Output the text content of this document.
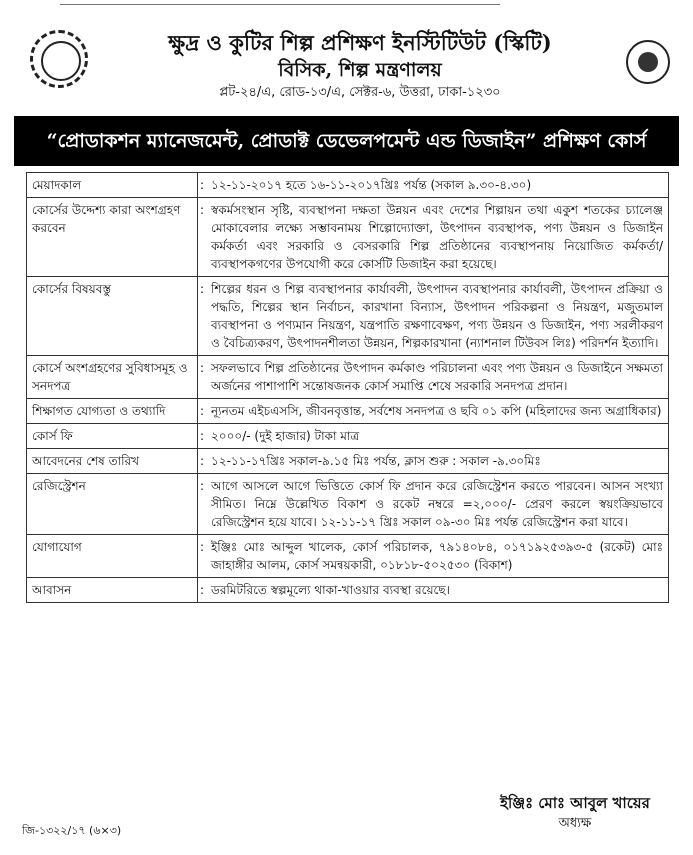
ক্ষুদ্র ও কুটির শিল্প প্রশিক্ষণ ইনস্টিটিউট (স্কিটি)
বিসিক, শিল্প মন্ত্রণালয়
প্লট-২৪/এ, রোড-১৩/এ, সেক্টর-৬, উত্তরা, ঢাকা-১২৩০
“প্রোডাকশন ম্যানেজমেন্ট, প্রোডাক্ট ডেভেলপমেন্ট এন্ড ডিজাইন” প্রশিক্ষণ কোর্স
মেয়াদকাল	:	১২-১১-২০১৭ হতে ১৬-১১-২০১৭খ্রিঃ পর্যন্ত (সকাল ৯.৩০-৪.৩০)
কোর্সের উদ্দেশ্য কারা অংশগ্রহণ করবেন	:	স্বকর্মসংস্থান সৃষ্টি, ব্যবস্থাপনা দক্ষতা উন্নয়ন এবং দেশের শিল্পায়ন তথা একুশ শতকের চ্যালেঞ্জ মোকাবেলার লক্ষ্যে সম্ভাবনাময় শিল্পোদ্যোক্তা, উৎপাদন ব্যবস্থাপক, পণ্য উন্নয়ন ও ডিজাইন কর্মকর্তা এবং সরকারি ও বেসরকারি শিল্প প্রতিষ্ঠানের ব্যবস্থাপনায় নিয়োজিত কর্মকর্তা/ব্যবস্থাপকগণের উপযোগী করে কোর্সটি ডিজাইন করা হয়েছে।
কোর্সের বিষয়বস্তু	:	শিল্পের ধরন ও শিল্প ব্যবস্থাপনার কার্যাবলী, উৎপাদন ব্যবস্থাপনার কার্যাবলী, উৎপাদন প্রক্রিয়া ও পদ্ধতি, শিল্পের স্থান নির্বাচন, কারখানা বিন্যাস, উৎপাদন পরিকল্পনা ও নিয়ন্ত্রণ, মজুতমাল ব্যবস্থাপনা ও পণ্যমান নিয়ন্ত্রণ, যন্ত্রপাতি রক্ষণাবেক্ষণ, পণ্য উন্নয়ন ও ডিজাইন, পণ্য সরলীকরণ ও বৈচিত্র্যকরণ, উৎপাদনশীলতা উন্নয়ন, শিল্পকারখানা (ন্যাশনাল টিউবস লিঃ) পরিদর্শন ইত্যাদি।
কোর্সে অংশগ্রহণের সুবিধাসমূহ ও সনদপত্র	:	সফলভাবে শিল্প প্রতিষ্ঠানের উৎপাদন কর্মকাণ্ড পরিচালনা এবং পণ্য উন্নয়ন ও ডিজাইনে সক্ষমতা অর্জনের পাশাপাশি সন্তোষজনক কোর্স সমাপ্তি শেষে সরকারি সনদপত্র প্রদান।
শিক্ষাগত যোগ্যতা ও তথ্যাদি	:	ন্যূনতম এইচএসসি, জীবনবৃত্তান্ত, সর্বশেষ সনদপত্র ও ছবি ০১ কপি (মহিলাদের জন্য অগ্রাধিকার)
কোর্স ফি	:	২০০০/- (দুই হাজার) টাকা মাত্র
আবেদনের শেষ তারিখ	:	১২-১১-১৭খ্রিঃ সকাল-৯.১৫ মিঃ পর্যন্ত, ক্লাস শুরু : সকাল -৯.৩০মিঃ
রেজিস্ট্রেশন	:	আগে আসলে আগে ভিত্তিতে কোর্স ফি প্রদান করে রেজিস্ট্রেশন করতে পারবেন। আসন সংখ্যা সীমিত। নিম্নে উল্লেখিত বিকাশ ও রকেট নম্বরে =২,০০০/- প্রেরণ করলে স্বয়ংক্রিয়ভাবে রেজিস্ট্রেশন হয়ে যাবে। ১২-১১-১৭ খ্রিঃ সকাল ০৯-৩০ মিঃ পর্যন্ত রেজিস্ট্রেশন করা যাবে।
যোগাযোগ	:	ইঞ্জিঃ মোঃ আব্দুল খালেক, কোর্স পরিচালক, ৭৯১৪০৮৪, ০১৭১৯২৫৩৯৩-৫ (রকেট) মোঃ জাহাঙ্গীর আলম, কোর্স সমন্বয়কারী, ০১৮১৮-৫০২৫৩০ (বিকাশ)
আবাসন	:	ডরমিটরিতে স্বল্পমূল্যে থাকা-খাওয়ার ব্যবস্থা রয়েছে।
ইঞ্জিঃ মোঃ আবুল খায়ের
অধ্যক্ষ
জি-১৩২২/১৭ (৬×৩)
